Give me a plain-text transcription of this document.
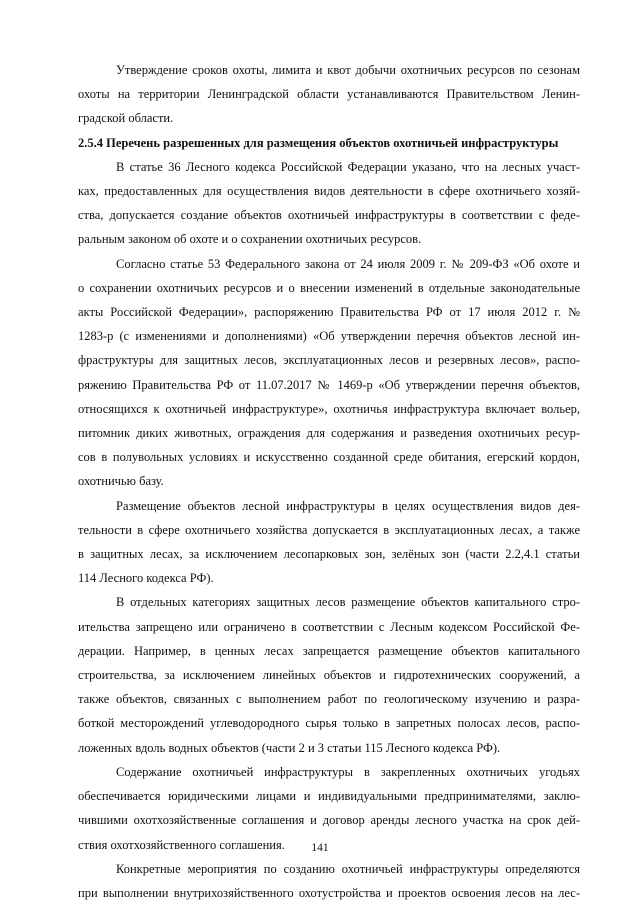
Утверждение сроков охоты, лимита и квот добычи охотничьих ресурсов по сезонам
охоты на территории Ленинградской области устанавливаются Правительством Ленин-
градской области.

2.5.4 Перечень разрешенных для размещения объектов охотничьей инфраструктуры

В статье 36 Лесного кодекса Российской Федерации указано, что на лесных участ-
ках, предоставленных для осуществления видов деятельности в сфере охотничьего хозяй-
ства, допускается создание объектов охотничьей инфраструктуры в соответствии с феде-
ральным законом об охоте и о сохранении охотничьих ресурсов.

Согласно статье 53 Федерального закона от 24 июля 2009 г. № 209-ФЗ «Об охоте и
о сохранении охотничьих ресурсов и о внесении изменений в отдельные законодательные
акты Российской Федерации», распоряжению Правительства РФ от 17 июля 2012 г. №
1283-р (с изменениями и дополнениями) «Об утверждении перечня объектов лесной ин-
фраструктуры для защитных лесов, эксплуатационных лесов и резервных лесов», распо-
ряжению Правительства РФ от 11.07.2017 № 1469-р «Об утверждении перечня объектов,
относящихся к охотничьей инфраструктуре», охотничья инфраструктура включает вольер,
питомник диких животных, ограждения для содержания и разведения охотничьих ресур-
сов в полувольных условиях и искусственно созданной среде обитания, егерский кордон,
охотничью базу.

Размещение объектов лесной инфраструктуры в целях осуществления видов дея-
тельности в сфере охотничьего хозяйства допускается в эксплуатационных лесах, а также
в защитных лесах, за исключением лесопарковых зон, зелёных зон (части 2.2,4.1 статьи
114 Лесного кодекса РФ).

В отдельных категориях защитных лесов размещение объектов капитального стро-
ительства запрещено или ограничено в соответствии с Лесным кодексом Российской Фе-
дерации. Например, в ценных лесах запрещается размещение объектов капитального
строительства, за исключением линейных объектов и гидротехнических сооружений, а
также объектов, связанных с выполнением работ по геологическому изучению и разра-
боткой месторождений углеводородного сырья только в запретных полосах лесов, распо-
ложенных вдоль водных объектов (части 2 и 3 статьи 115 Лесного кодекса РФ).

Содержание охотничьей инфраструктуры в закрепленных охотничьих угодьях
обеспечивается юридическими лицами и индивидуальными предпринимателями, заклю-
чившими охотхозяйственные соглашения и договор аренды лесного участка на срок дей-
ствия охотхозяйственного соглашения.

Конкретные мероприятия по созданию охотничьей инфраструктуры определяются
при выполнении внутрихозяйственного охотустройства и проектов освоения лесов на лес-

141
